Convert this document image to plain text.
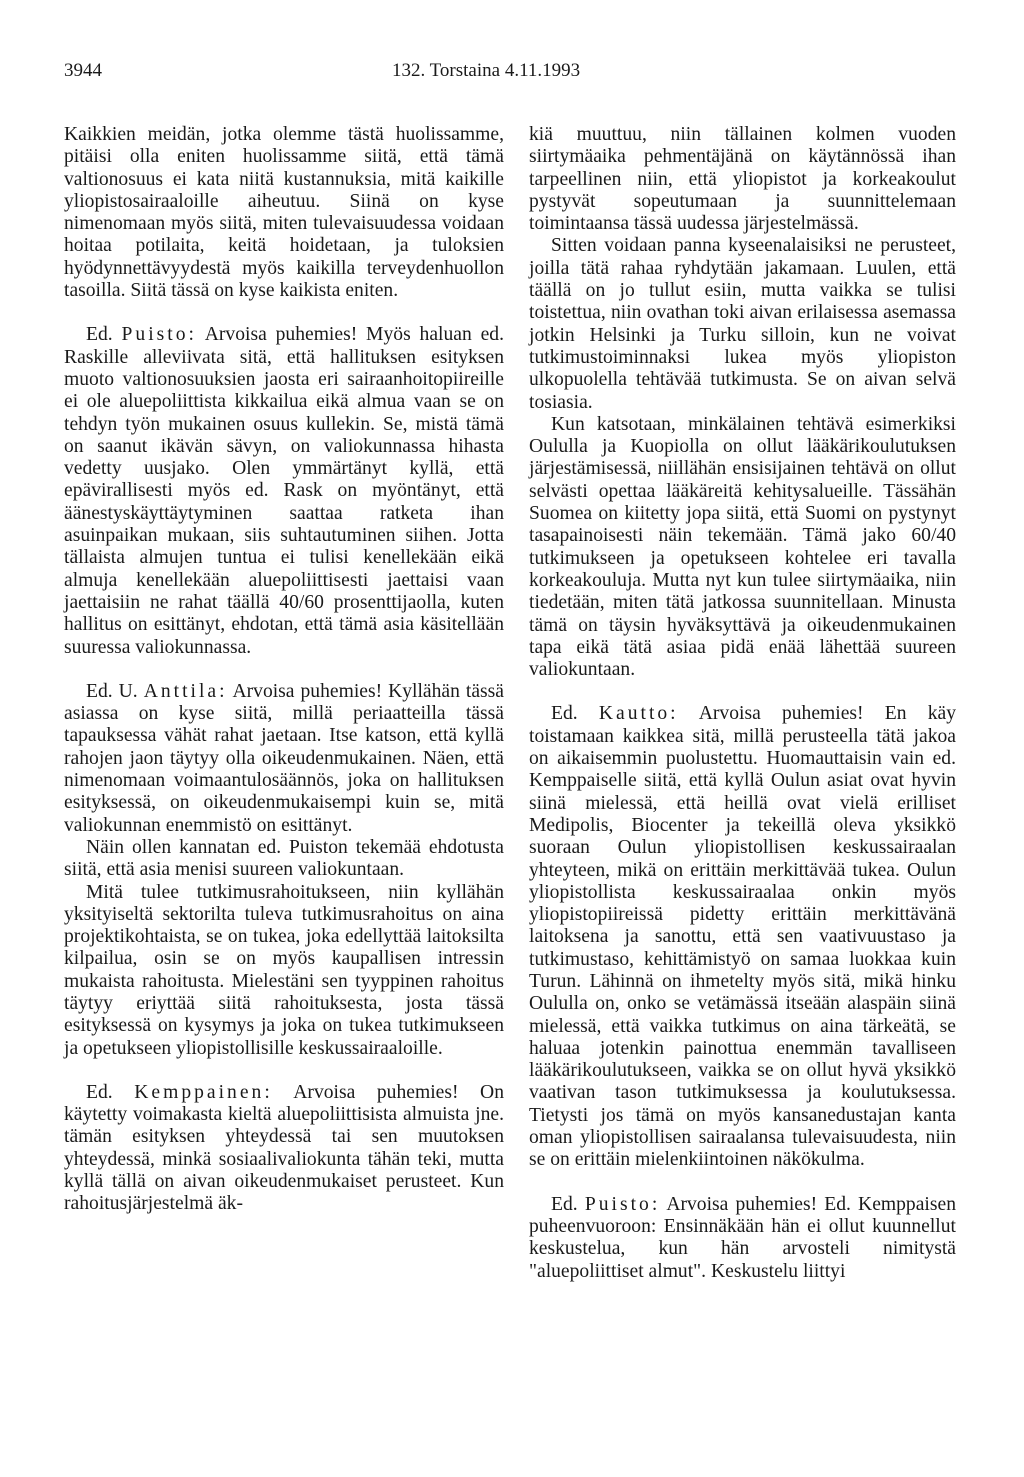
3944	132. Torstaina 4.11.1993

Kaikkien meidän, jotka olemme tästä huolissamme, pitäisi olla eniten huolissamme siitä, että tämä valtionosuus ei kata niitä kustannuksia, mitä kaikille yliopistosairaaloille aiheutuu. Siinä on kyse nimenomaan myös siitä, miten tulevaisuudessa voidaan hoitaa potilaita, keitä hoidetaan, ja tuloksien hyödynnettävyydestä myös kaikilla terveydenhuollon tasoilla. Siitä tässä on kyse kaikista eniten.

Ed. Puisto: Arvoisa puhemies! Myös haluan ed. Raskille alleviivata sitä, että hallituksen esityksen muoto valtionosuuksien jaosta eri sairaanhoitopiireille ei ole aluepoliittista kikkailua eikä almua vaan se on tehdyn työn mukainen osuus kullekin. Se, mistä tämä on saanut ikävän sävyn, on valiokunnassa hihasta vedetty uusjako. Olen ymmärtänyt kyllä, että epävirallisesti myös ed. Rask on myöntänyt, että äänestyskäyttäytyminen saattaa ratketa ihan asuinpaikan mukaan, siis suhtautuminen siihen. Jotta tällaista almujen tuntua ei tulisi kenellekään eikä almuja kenellekään aluepoliittisesti jaettaisi vaan jaettaisiin ne rahat täällä 40/60 prosenttijaolla, kuten hallitus on esittänyt, ehdotan, että tämä asia käsitellään suuressa valiokunnassa.

Ed. U. Anttila: Arvoisa puhemies! Kyllähän tässä asiassa on kyse siitä, millä periaatteilla tässä tapauksessa vähät rahat jaetaan. Itse katson, että kyllä rahojen jaon täytyy olla oikeudenmukainen. Näen, että nimenomaan voimaantulosäännös, joka on hallituksen esityksessä, on oikeudenmukaisempi kuin se, mitä valiokunnan enemmistö on esittänyt.

Näin ollen kannatan ed. Puiston tekemää ehdotusta siitä, että asia menisi suureen valiokuntaan.

Mitä tulee tutkimusrahoitukseen, niin kyllähän yksityiseltä sektorilta tuleva tutkimusrahoitus on aina projektikohtaista, se on tukea, joka edellyttää laitoksilta kilpailua, osin se on myös kaupallisen intressin mukaista rahoitusta. Mielestäni sen tyyppinen rahoitus täytyy eriyttää siitä rahoituksesta, josta tässä esityksessä on kysymys ja joka on tukea tutkimukseen ja opetukseen yliopistollisille keskussairaaloille.

Ed. Kemppainen: Arvoisa puhemies! On käytetty voimakasta kieltä aluepoliittisista almuista jne. tämän esityksen yhteydessä tai sen muutoksen yhteydessä, minkä sosiaalivaliokunta tähän teki, mutta kyllä tällä on aivan oikeudenmukaiset perusteet. Kun rahoitusjärjestelmä äk-

kiä muuttuu, niin tällainen kolmen vuoden siirtymäaika pehmentäjänä on käytännössä ihan tarpeellinen niin, että yliopistot ja korkeakoulut pystyvät sopeutumaan ja suunnittelemaan toimintaansa tässä uudessa järjestelmässä.

Sitten voidaan panna kyseenalaisiksi ne perusteet, joilla tätä rahaa ryhdytään jakamaan. Luulen, että täällä on jo tullut esiin, mutta vaikka se tulisi toistettua, niin ovathan toki aivan erilaisessa asemassa jotkin Helsinki ja Turku silloin, kun ne voivat tutkimustoiminnaksi lukea myös yliopiston ulkopuolella tehtävää tutkimusta. Se on aivan selvä tosiasia.

Kun katsotaan, minkälainen tehtävä esimerkiksi Oululla ja Kuopiolla on ollut lääkärikoulutuksen järjestämisessä, niillähän ensisijainen tehtävä on ollut selvästi opettaa lääkäreitä kehitysalueille. Tässähän Suomea on kiitetty jopa siitä, että Suomi on pystynyt tasapainoisesti näin tekemään. Tämä jako 60/40 tutkimukseen ja opetukseen kohtelee eri tavalla korkeakouluja. Mutta nyt kun tulee siirtymäaika, niin tiedetään, miten tätä jatkossa suunnitellaan. Minusta tämä on täysin hyväksyttävä ja oikeudenmukainen tapa eikä tätä asiaa pidä enää lähettää suureen valiokuntaan.

Ed. Kautto: Arvoisa puhemies! En käy toistamaan kaikkea sitä, millä perusteella tätä jakoa on aikaisemmin puolustettu. Huomauttaisin vain ed. Kemppaiselle siitä, että kyllä Oulun asiat ovat hyvin siinä mielessä, että heillä ovat vielä erilliset Medipolis, Biocenter ja tekeillä oleva yksikkö suoraan Oulun yliopistollisen keskussairaalan yhteyteen, mikä on erittäin merkittävää tukea. Oulun yliopistollista keskussairaalaa onkin myös yliopistopiireissä pidetty erittäin merkittävänä laitoksena ja sanottu, että sen vaativuustaso ja tutkimustaso, kehittämistyö on samaa luokkaa kuin Turun. Lähinnä on ihmetelty myös sitä, mikä hinku Oululla on, onko se vetämässä itseään alaspäin siinä mielessä, että vaikka tutkimus on aina tärkeätä, se haluaa jotenkin painottua enemmän tavalliseen lääkärikoulutukseen, vaikka se on ollut hyvä yksikkö vaativan tason tutkimuksessa ja koulutuksessa. Tietysti jos tämä on myös kansanedustajan kanta oman yliopistollisen sairaalansa tulevaisuudesta, niin se on erittäin mielenkiintoinen näkökulma.

Ed. Puisto: Arvoisa puhemies! Ed. Kemppaisen puheenvuoroon: Ensinnäkään hän ei ollut kuunnellut keskustelua, kun hän arvosteli nimitystä "aluepoliittiset almut". Keskustelu liittyi
